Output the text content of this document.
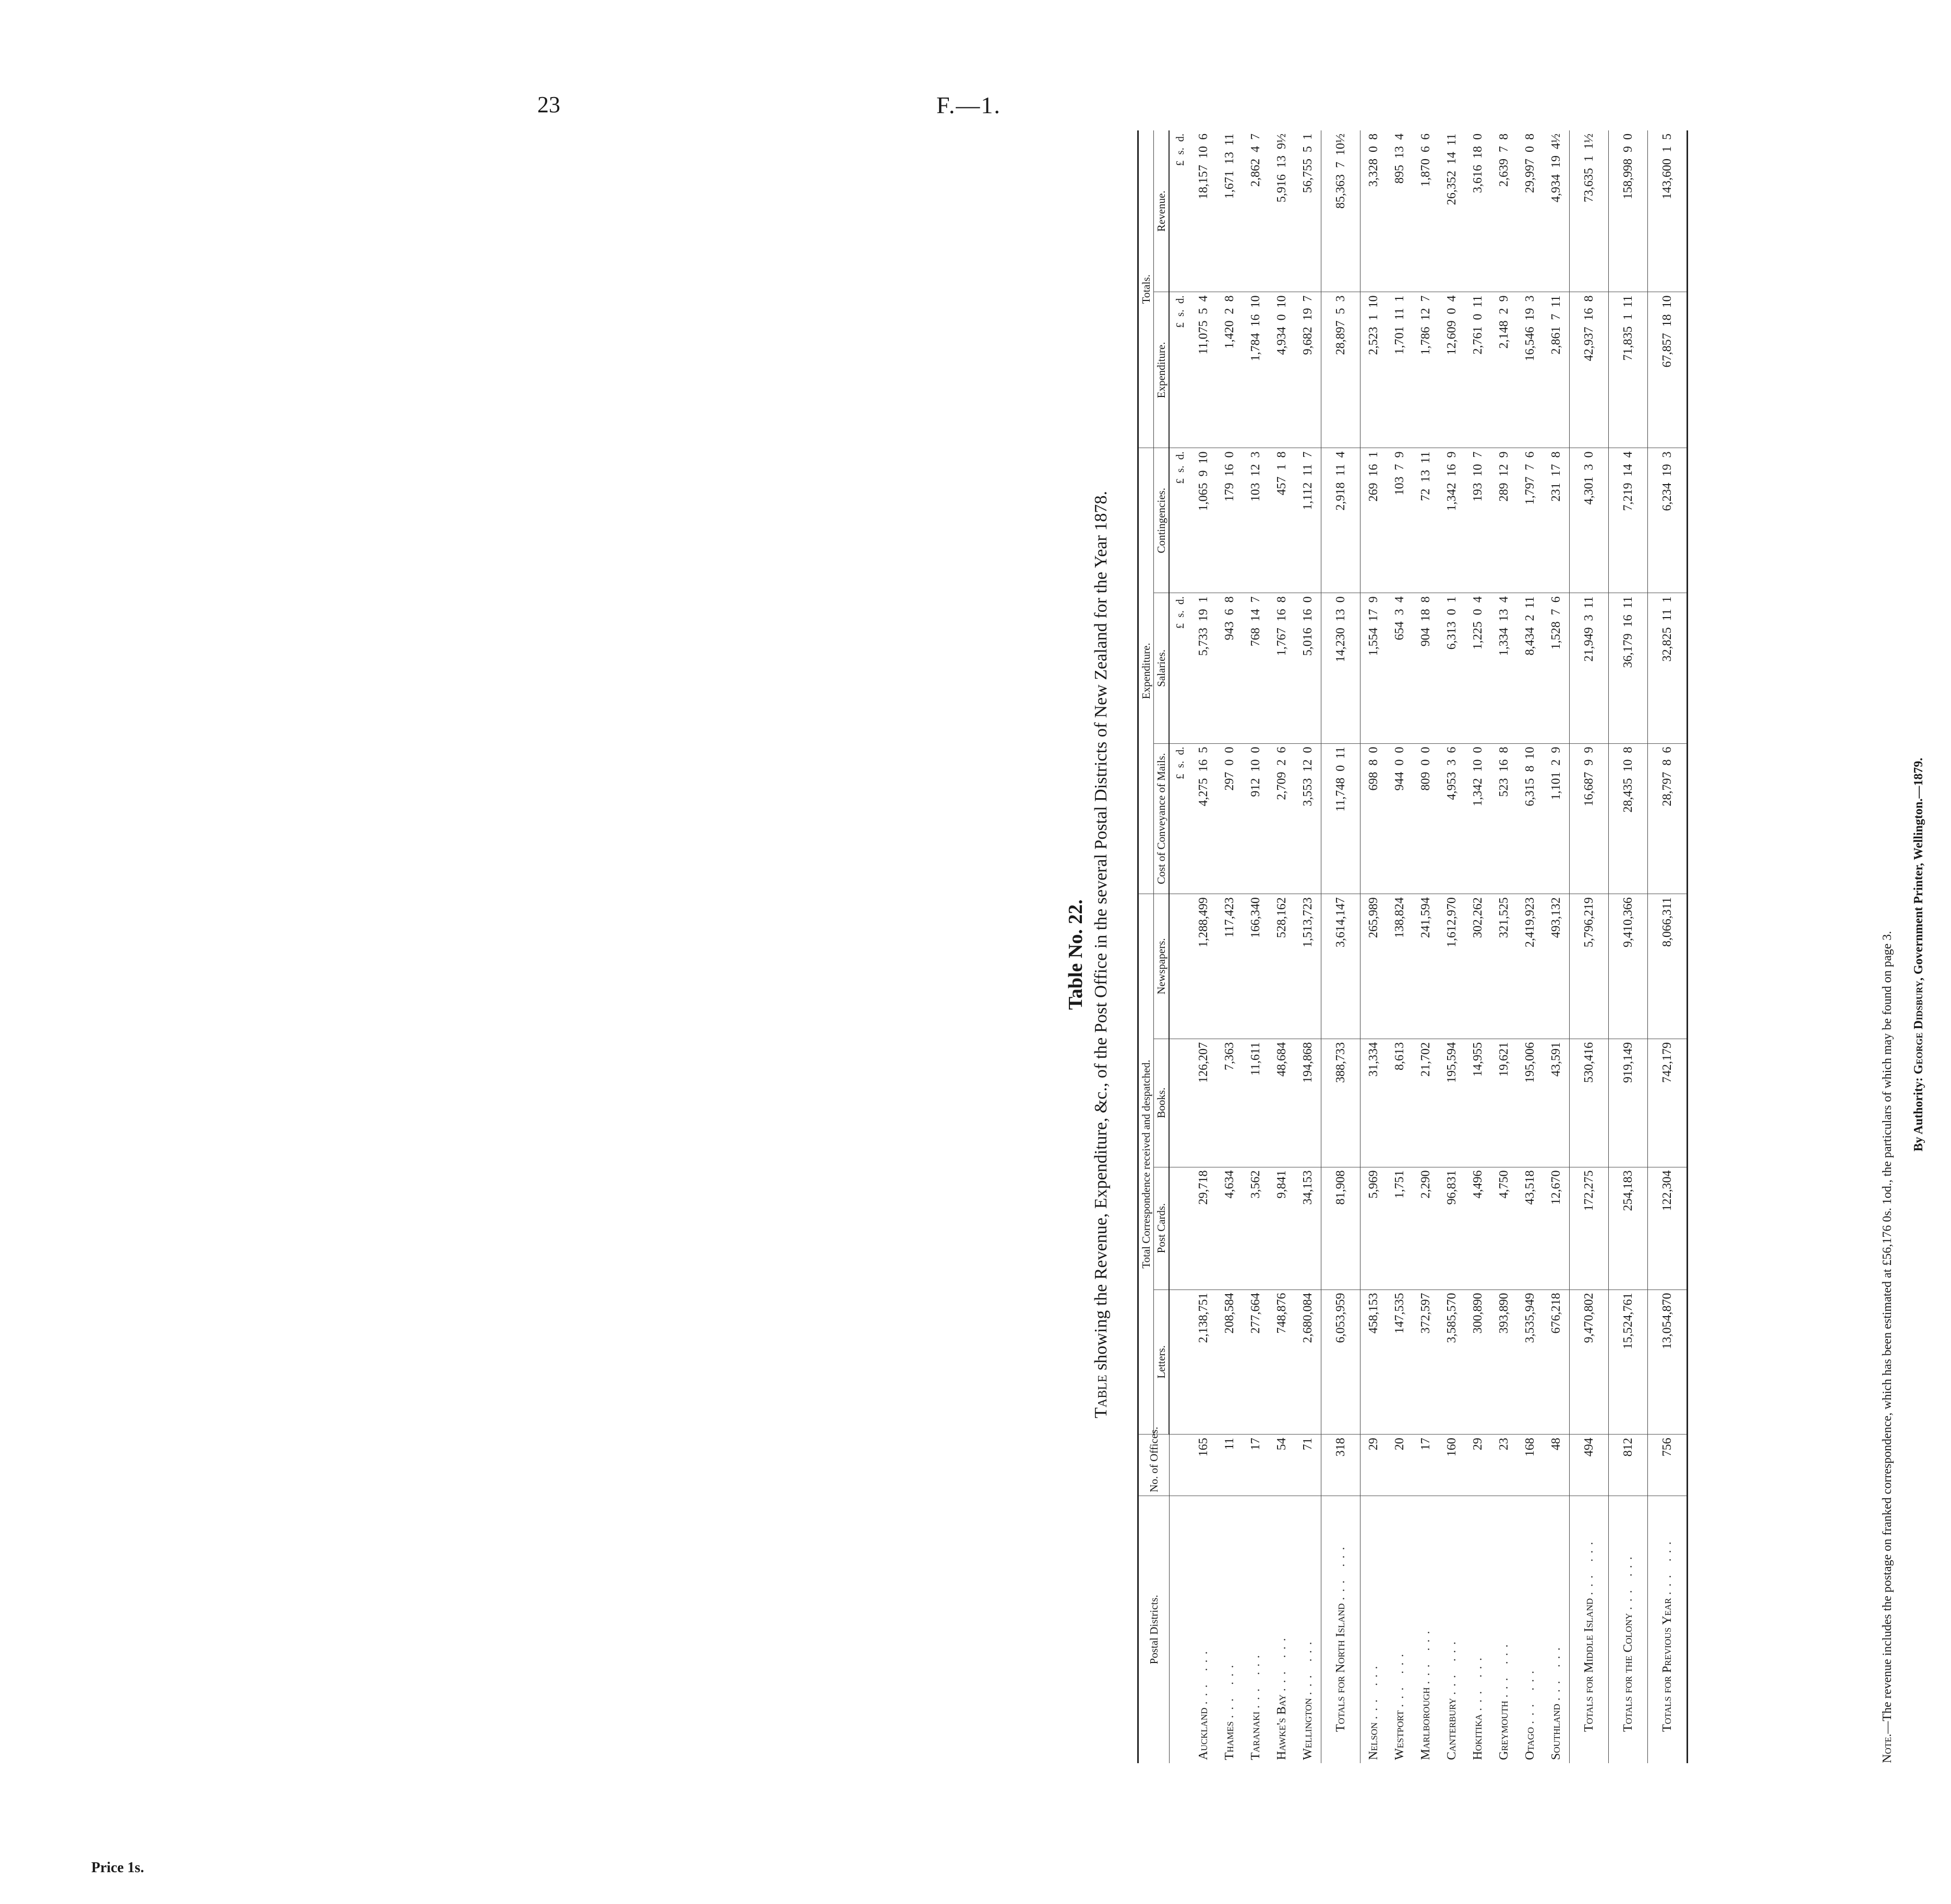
23	F.—1.
Price 1s.
Table No. 22.
Table showing the Revenue, Expenditure, &c., of the Post Office in the several Postal Districts of New Zealand for the Year 1878.
Postal Districts.	No. of Offices.	Total Correspondence received and despatched.				Expenditure.			Totals.	
		Letters.	Post Cards.	Books.	Newspapers.	Cost of Conveyance of Mails.	Salaries.	Contingencies.	Expenditure.	Revenue.
						£ s. d.	£ s. d.	£ s. d.	£ s. d.	£ s. d.
Auckland ... ...	165	2,138,751	29,718	126,207	1,288,499	4,275 16 5	5,733 19 1	1,065 9 10	11,075 5 4	18,157 10 6
Thames ... ...	11	208,584	4,634	7,363	117,423	297 0 0	943 6 8	179 16 0	1,420 2 8	1,671 13 11
Taranaki ... ...	17	277,664	3,562	11,611	166,340	912 10 0	768 14 7	103 12 3	1,784 16 10	2,862 4 7
Hawke's Bay ... ...	54	748,876	9,841	48,684	528,162	2,709 2 6	1,767 16 8	457 1 8	4,934 0 10	5,916 13 9½
Wellington ... ...	71	2,680,084	34,153	194,868	1,513,723	3,553 12 0	5,016 16 0	1,112 11 7	9,682 19 7	56,755 5 1
Totals for North Island ... ...	318	6,053,959	81,908	388,733	3,614,147	11,748 0 11	14,230 13 0	2,918 11 4	28,897 5 3	85,363 7 10½
Nelson ... ...	29	458,153	5,969	31,334	265,989	698 8 0	1,554 17 9	269 16 1	2,523 1 10	3,328 0 8
Westport ... ...	20	147,535	1,751	8,613	138,824	944 0 0	654 3 4	103 7 9	1,701 11 1	895 13 4
Marlborough ... ...	17	372,597	2,290	21,702	241,594	809 0 0	904 18 8	72 13 11	1,786 12 7	1,870 6 6
Canterbury ... ...	160	3,585,570	96,831	195,594	1,612,970	4,953 3 6	6,313 0 1	1,342 16 9	12,609 0 4	26,352 14 11
Hokitika ... ...	29	300,890	4,496	14,955	302,262	1,342 10 0	1,225 0 4	193 10 7	2,761 0 11	3,616 18 0
Greymouth ... ...	23	393,890	4,750	19,621	321,525	523 16 8	1,334 13 4	289 12 9	2,148 2 9	2,639 7 8
Otago ... ...	168	3,535,949	43,518	195,006	2,419,923	6,315 8 10	8,434 2 11	1,797 7 6	16,546 19 3	29,997 0 8
Southland ... ...	48	676,218	12,670	43,591	493,132	1,101 2 9	1,528 7 6	231 17 8	2,861 7 11	4,934 19 4½
Totals for Middle Island ... ...	494	9,470,802	172,275	530,416	5,796,219	16,687 9 9	21,949 3 11	4,301 3 0	42,937 16 8	73,635 1 1½
Totals for the Colony ... ...	812	15,524,761	254,183	919,149	9,410,366	28,435 10 8	36,179 16 11	7,219 14 4	71,835 1 11	158,998 9 0
Totals for Previous Year ... ...	756	13,054,870	122,304	742,179	8,066,311	28,797 8 6	32,825 11 1	6,234 19 3	67,857 18 10	143,600 1 5
Note.—The revenue includes the postage on franked correspondence, which has been estimated at £56,176 0s. 1od., the particulars of which may be found on page 3. By Authority: George Didsbury, Government Printer, Wellington.—1879.
